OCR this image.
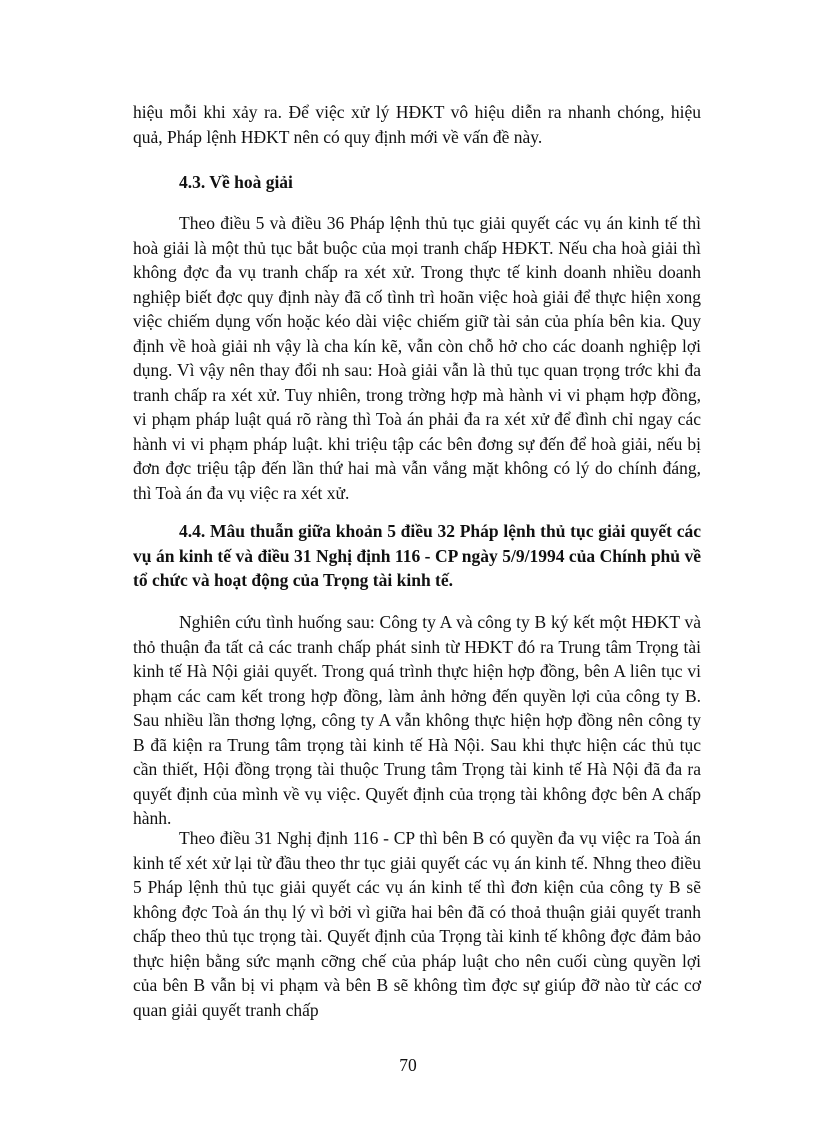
hiệu mỗi khi xảy ra. Để việc xử lý HĐKT vô hiệu diễn ra nhanh chóng, hiệu quả, Pháp lệnh HĐKT nên có quy định mới về vấn đề này.

4.3. Về hoà giải

Theo điều 5 và điều 36 Pháp lệnh thủ tục giải quyết các vụ án kinh tế thì hoà giải là một thủ tục bắt buộc của mọi tranh chấp HĐKT. Nếu cha hoà giải thì không đợc đa vụ tranh chấp ra xét xử. Trong thực tế kinh doanh nhiều doanh nghiệp biết đợc quy định này đã cố tình trì hoãn việc hoà giải để thực hiện xong việc chiếm dụng vốn hoặc kéo dài việc chiếm giữ tài sản của phía bên kia. Quy định về hoà giải nh vậy là cha kín kẽ, vẫn còn chỗ hở cho các doanh nghiệp lợi dụng. Vì vậy nên thay đổi nh sau: Hoà giải vẫn là thủ tục quan trọng trớc khi đa tranh chấp ra xét xử. Tuy nhiên, trong trờng hợp mà hành vi vi phạm hợp đồng, vi phạm pháp luật quá rõ ràng thì Toà án phải đa ra xét xử để đình chỉ ngay các hành vi vi phạm pháp luật. khi triệu tập các bên đơng sự đến để hoà giải, nếu bị đơn đợc triệu tập đến lần thứ hai mà vẫn vắng mặt không có lý do chính đáng, thì Toà án đa vụ việc ra xét xử.

4.4. Mâu thuẫn giữa khoản 5 điều 32 Pháp lệnh thủ tục giải quyết các vụ án kinh tế và điều 31 Nghị định 116 - CP ngày 5/9/1994 của Chính phủ về tổ chức và hoạt động của Trọng tài kinh tế.

Nghiên cứu tình huống sau: Công ty A và công ty B ký kết một HĐKT và thỏ thuận đa tất cả các tranh chấp phát sinh từ HĐKT đó ra Trung tâm Trọng tài kinh tế Hà Nội giải quyết. Trong quá trình thực hiện hợp đồng, bên A liên tục vi phạm các cam kết trong hợp đồng, làm ảnh hởng đến quyền lợi của công ty B. Sau nhiều lần thơng lợng, công ty A vẫn không thực hiện hợp đồng nên công ty B đã kiện ra Trung tâm trọng tài kinh tế Hà Nội. Sau khi thực hiện các thủ tục cần thiết, Hội đồng trọng tài thuộc Trung tâm Trọng tài kinh tế Hà Nội đã đa ra quyết định của mình về vụ việc. Quyết định của trọng tài không đợc bên A chấp hành.

Theo điều 31 Nghị định 116 - CP thì bên B có quyền đa vụ việc ra Toà án kinh tế xét xử lại từ đầu theo thr tục giải quyết các vụ án kinh tế. Nhng theo điều 5 Pháp lệnh thủ tục giải quyết các vụ án kinh tế thì đơn kiện của công ty B sẽ không đợc Toà án thụ lý vì bởi vì giữa hai bên đã có thoả thuận giải quyết tranh chấp theo thủ tục trọng tài. Quyết định của Trọng tài kinh tế không đợc đảm bảo thực hiện bằng sức mạnh cỡng chế của pháp luật cho nên cuối cùng quyền lợi của bên B vẫn bị vi phạm và bên B sẽ không tìm đợc sự giúp đỡ nào từ các cơ quan giải quyết tranh chấp

70
